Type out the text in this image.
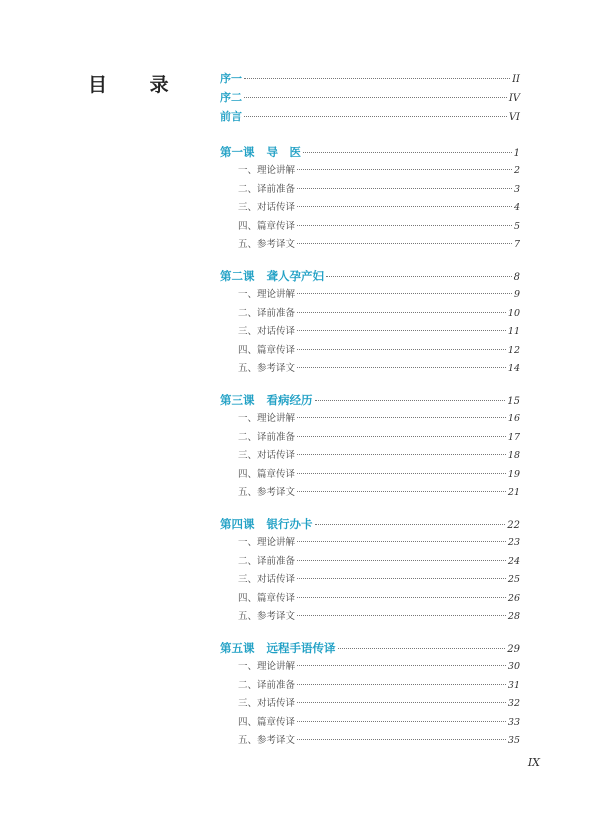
目 录	序一	II
序二	IV
前言	VI
第一课 导　医	1
一、理论讲解	2
二、译前准备	3
三、对话传译	4
四、篇章传译	5
五、参考译文	7
第二课 聋人孕产妇	8
一、理论讲解	9
二、译前准备	10
三、对话传译	11
四、篇章传译	12
五、参考译文	14
第三课 看病经历	15
一、理论讲解	16
二、译前准备	17
三、对话传译	18
四、篇章传译	19
五、参考译文	21
第四课 银行办卡	22
一、理论讲解	23
二、译前准备	24
三、对话传译	25
四、篇章传译	26
五、参考译文	28
第五课 远程手语传译	29
一、理论讲解	30
二、译前准备	31
三、对话传译	32
四、篇章传译	33
五、参考译文	35
IX
